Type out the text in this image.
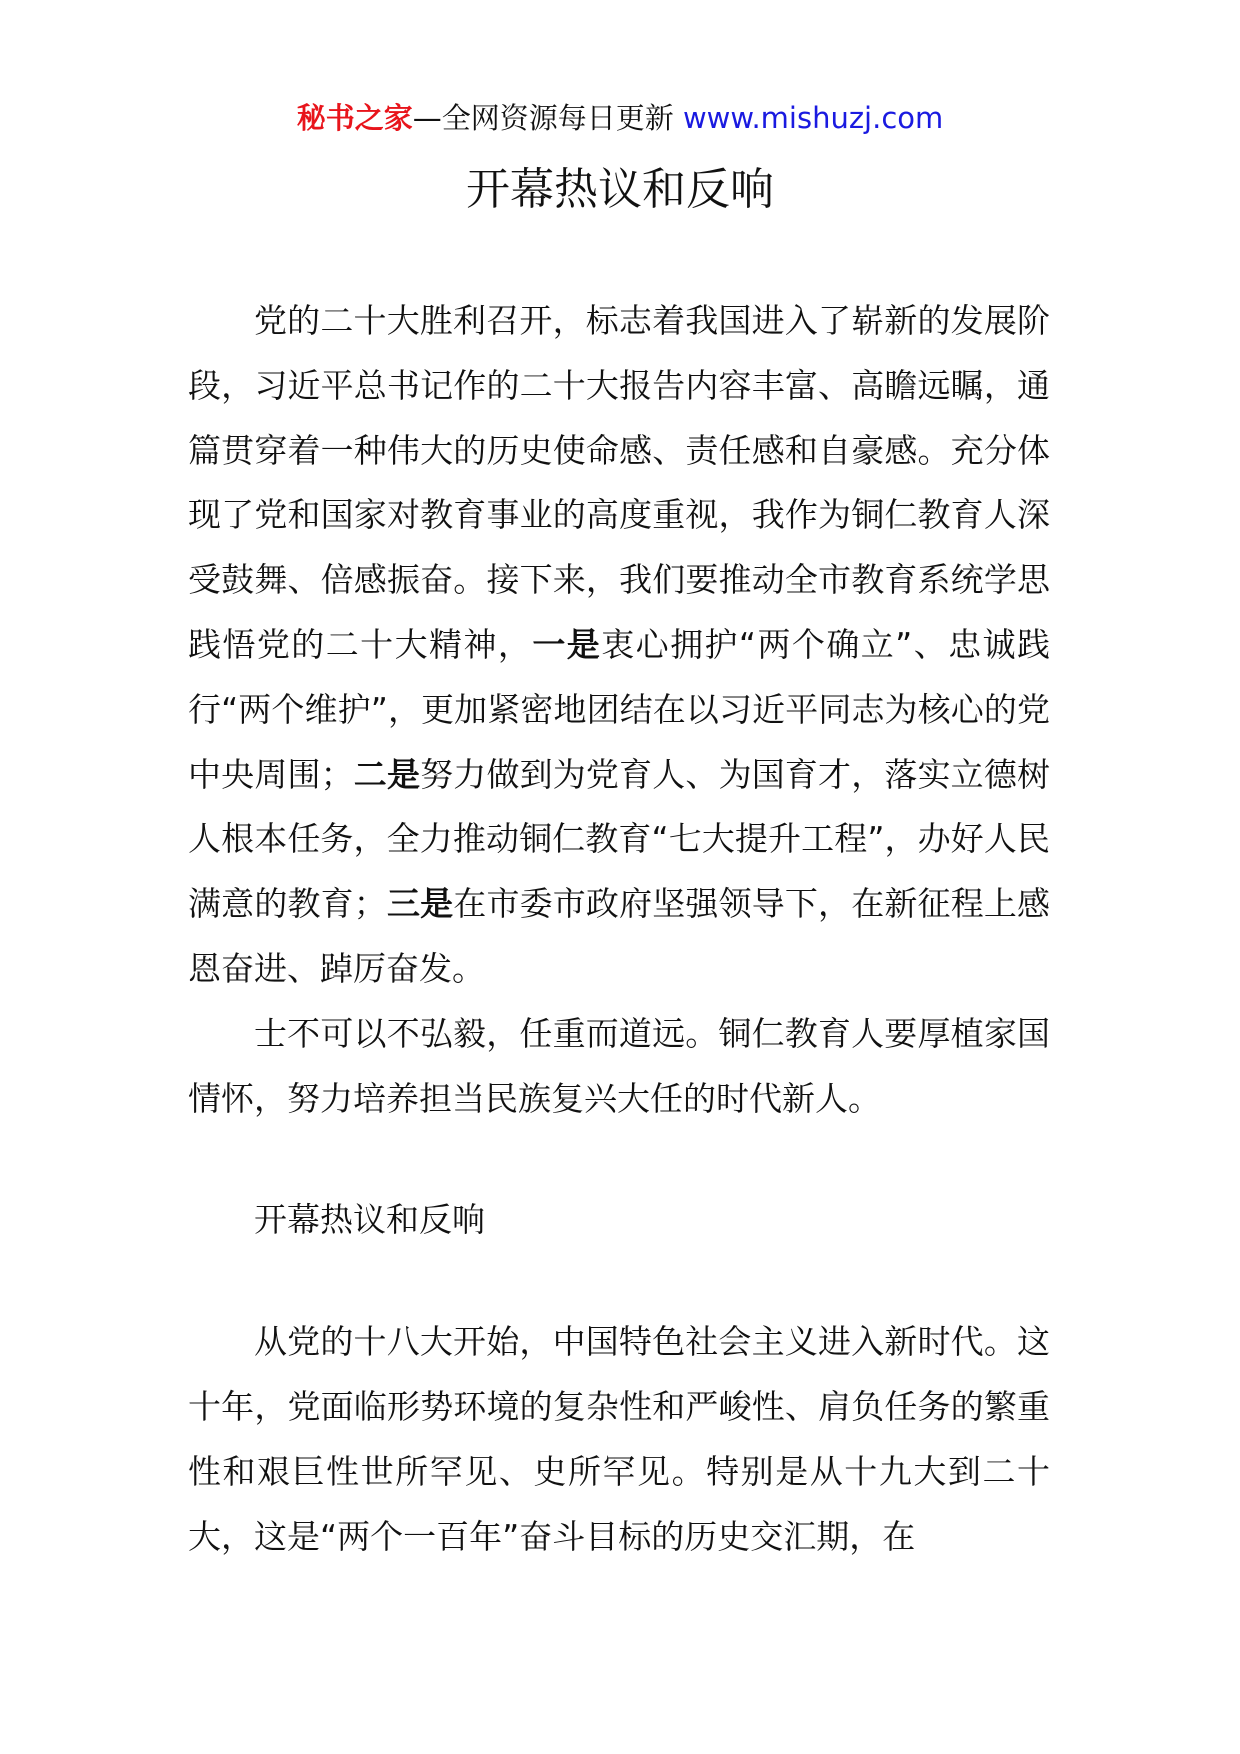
秘书之家—全网资源每日更新 www.mishuzj.com
开幕热议和反响

党的二十大胜利召开，标志着我国进入了崭新的发展阶段，习近平总书记作的二十大报告内容丰富、高瞻远瞩，通篇贯穿着一种伟大的历史使命感、责任感和自豪感。充分体现了党和国家对教育事业的高度重视，我作为铜仁教育人深受鼓舞、倍感振奋。接下来，我们要推动全市教育系统学思践悟党的二十大精神，一是衷心拥护“两个确立”、忠诚践行“两个维护”，更加紧密地团结在以习近平同志为核心的党中央周围；二是努力做到为党育人、为国育才，落实立德树人根本任务，全力推动铜仁教育“七大提升工程”，办好人民满意的教育；三是在市委市政府坚强领导下，在新征程上感恩奋进、踔厉奋发。

士不可以不弘毅，任重而道远。铜仁教育人要厚植家国情怀，努力培养担当民族复兴大任的时代新人。

开幕热议和反响

从党的十八大开始，中国特色社会主义进入新时代。这十年，党面临形势环境的复杂性和严峻性、肩负任务的繁重性和艰巨性世所罕见、史所罕见。特别是从十九大到二十大，这是“两个一百年”奋斗目标的历史交汇期，在
